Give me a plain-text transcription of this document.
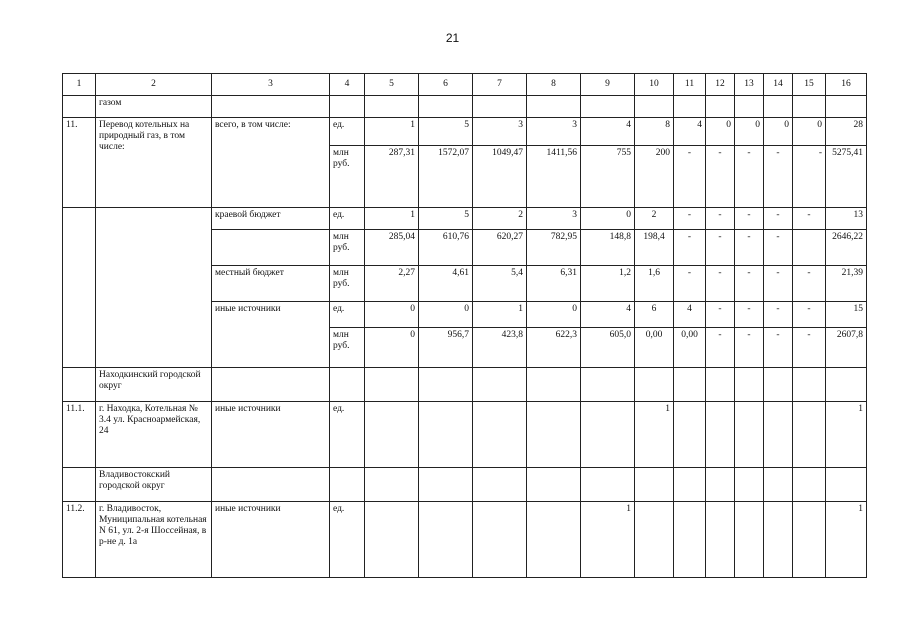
21
1	2	3	4	5	6	7	8	9	10	11	12	13	14	15	16
	газом														
11.	Перевод котельных на природный газ, в том числе:	всего, в том числе:	ед.	1	5	3	3	4	8	4	0	0	0	0	28
			млн руб.	287,31	1572,07	1049,47	1411,56	755	200	-	-	-	-	-	5275,41
		краевой бюджет	ед.	1	5	2	3	0	2	-	-	-	-	-	13
			млн руб.	285,04	610,76	620,27	782,95	148,8	198,4	-	-	-	-		2646,22
		местный бюджет	млн руб.	2,27	4,61	5,4	6,31	1,2	1,6	-	-	-	-	-	21,39
		иные источники	ед.	0	0	1	0	4	6	4	-	-	-	-	15
			млн руб.	0	956,7	423,8	622,3	605,0	0,00	0,00	-	-	-	-	2607,8
	Находкинский городской округ														
11.1.	г. Находка, Котельная № 3.4 ул. Красноармейская, 24	иные источники	ед.						1						1
	Владивостокский городской округ														
11.2.	г. Владивосток, Муниципальная котельная N 61, ул. 2-я Шоссейная, в р-не д. 1а	иные источники	ед.					1							1
